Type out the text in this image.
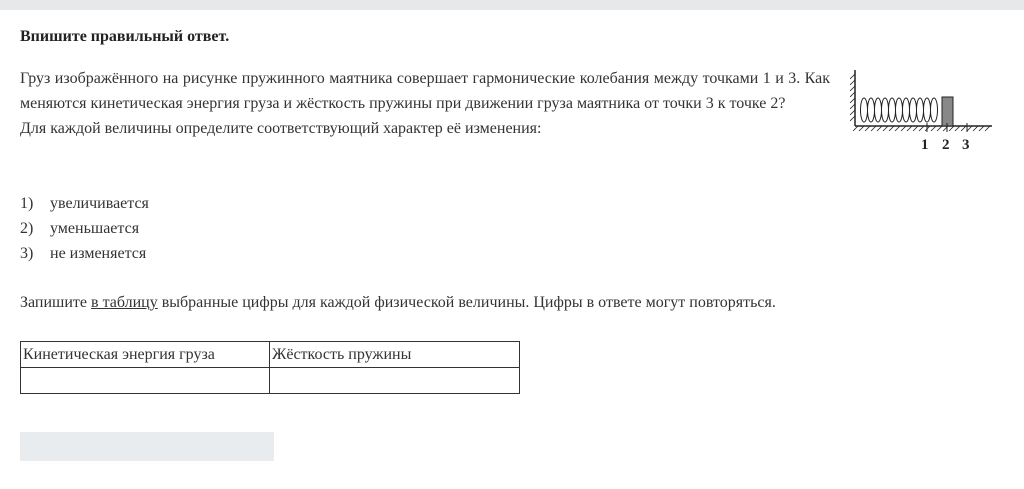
Впишите правильный ответ.

Груз изображённого на рисунке пружинного маятника совершает гармонические колебания между точками 1 и 3. Как меняются кинетическая энергия груза и жёсткость пружины при движении груза маятника от точки 3 к точке 2?

Для каждой величины определите соответствующий характер её изменения:

1 2 3
1)	увеличивается
2)	уменьшается
3)	не изменяется
Запишите в таблицу выбранные цифры для каждой физической величины. Цифры в ответе могут повторяться.
Кинетическая энергия груза	Жёсткость пружины
